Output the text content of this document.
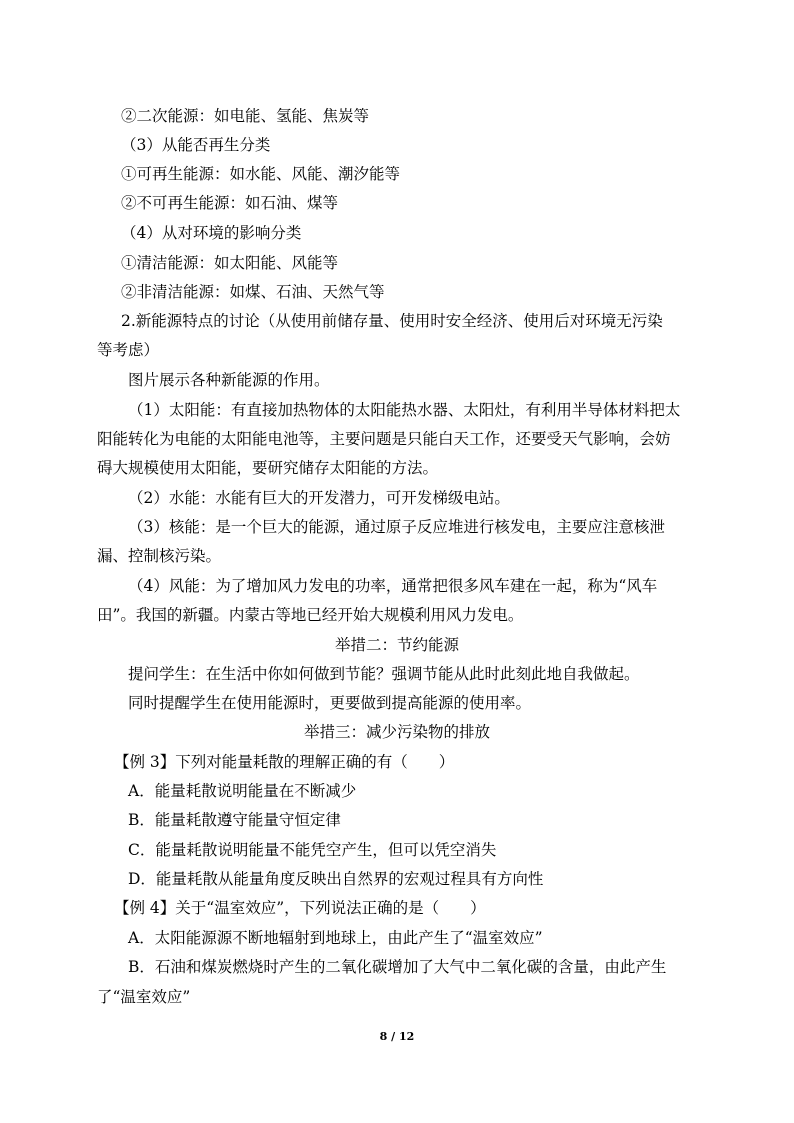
②二次能源：如电能、氢能、焦炭等
（3）从能否再生分类
①可再生能源：如水能、风能、潮汐能等
②不可再生能源：如石油、煤等
（4）从对环境的影响分类
①清洁能源：如太阳能、风能等
②非清洁能源：如煤、石油、天然气等
2.新能源特点的讨论（从使用前储存量、使用时安全经济、使用后对环境无污染
等考虑）
图片展示各种新能源的作用。
（1）太阳能：有直接加热物体的太阳能热水器、太阳灶，有利用半导体材料把太
阳能转化为电能的太阳能电池等，主要问题是只能白天工作，还要受天气影响，会妨
碍大规模使用太阳能，要研究储存太阳能的方法。
（2）水能：水能有巨大的开发潜力，可开发梯级电站。
（3）核能：是一个巨大的能源，通过原子反应堆进行核发电，主要应注意核泄
漏、控制核污染。
（4）风能：为了增加风力发电的功率，通常把很多风车建在一起，称为“风车
田”。我国的新疆。内蒙古等地已经开始大规模利用风力发电。
举措二：节约能源
提问学生：在生活中你如何做到节能？强调节能从此时此刻此地自我做起。
同时提醒学生在使用能源时，更要做到提高能源的使用率。
举措三：减少污染物的排放
【例 3】下列对能量耗散的理解正确的有（　　）
A．能量耗散说明能量在不断减少
B．能量耗散遵守能量守恒定律
C．能量耗散说明能量不能凭空产生，但可以凭空消失
D．能量耗散从能量角度反映出自然界的宏观过程具有方向性
【例 4】关于“温室效应”，下列说法正确的是（　　）
A．太阳能源源不断地辐射到地球上，由此产生了“温室效应”
B．石油和煤炭燃烧时产生的二氧化碳增加了大气中二氧化碳的含量，由此产生
了“温室效应”
8 / 12
